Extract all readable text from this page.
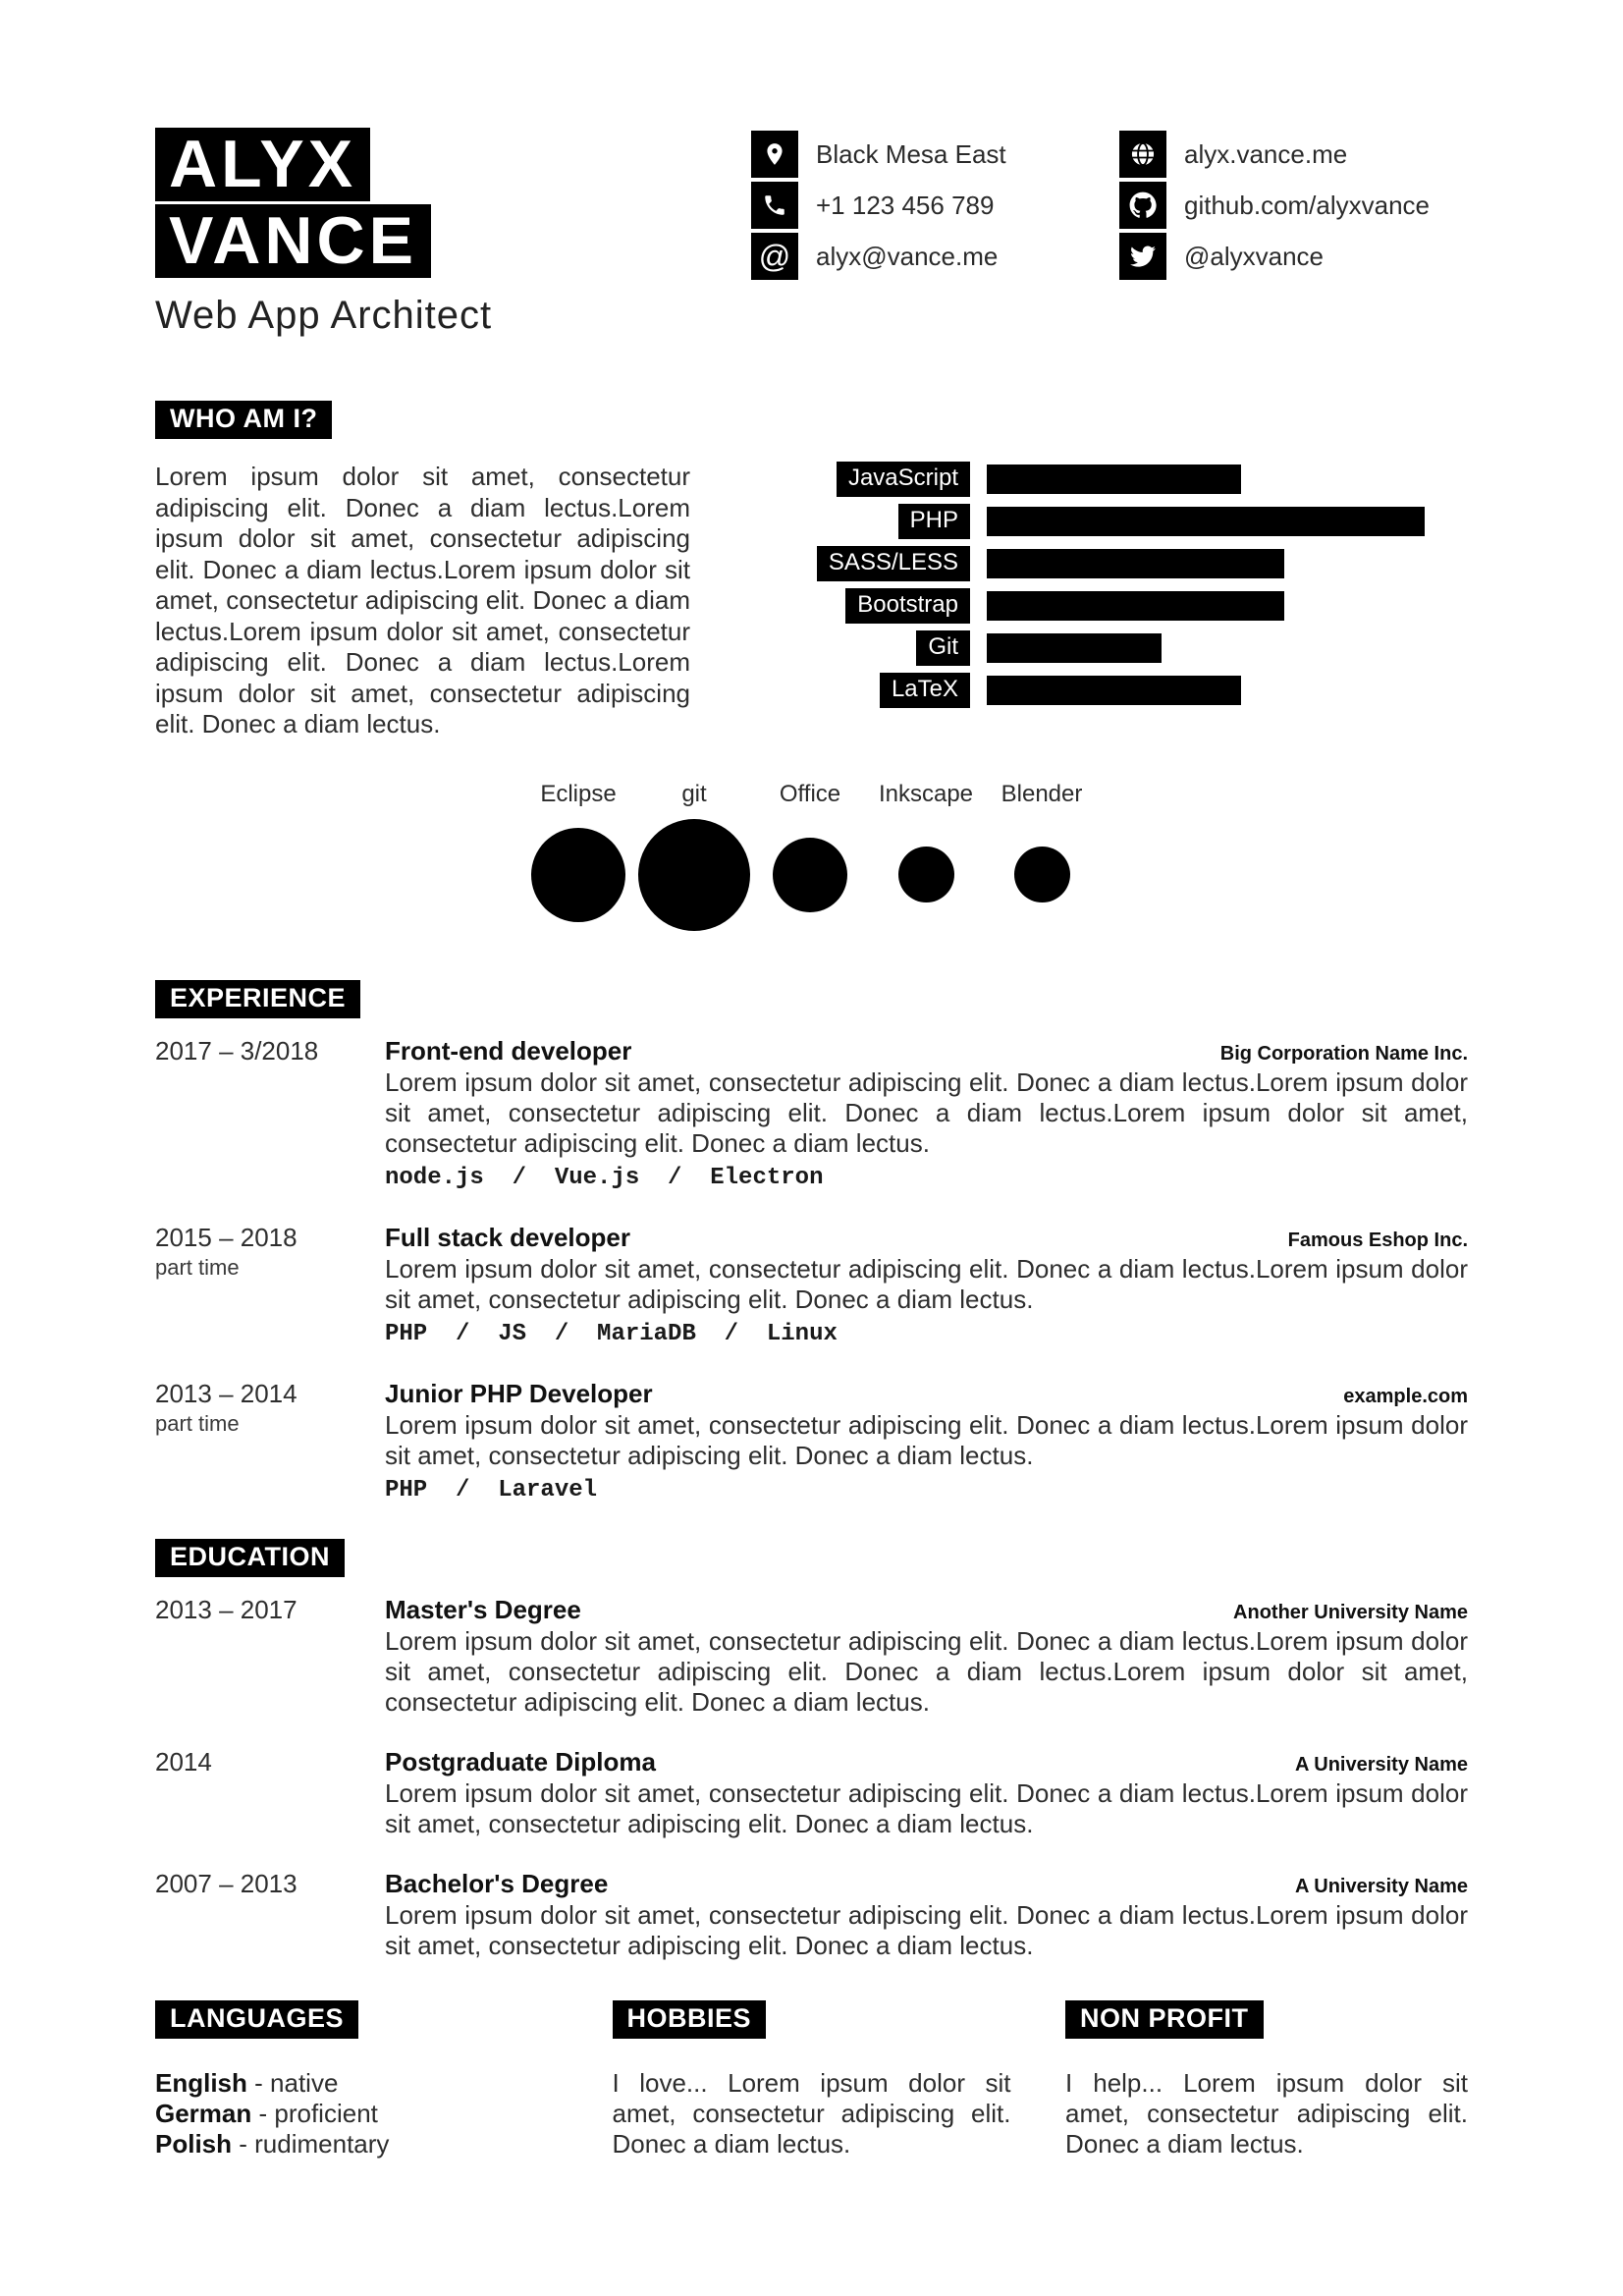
ALYX
VANCE
Web App Architect
Black Mesa East
+1 123 456 789
@ alyx@vance.me
alyx.vance.me
github.com/alyxvance
@alyxvance
WHO AM I?

Lorem ipsum dolor sit amet, consectetur adipiscing elit. Donec a diam lectus.Lorem ipsum dolor sit amet, consectetur adipiscing elit. Donec a diam lectus.Lorem ipsum dolor sit amet, consectetur adipiscing elit. Donec a diam lectus.Lorem ipsum dolor sit amet, consectetur adipiscing elit. Donec a diam lectus.Lorem ipsum dolor sit amet, consectetur adipiscing elit. Donec a diam lectus.

JavaScript
PHP
SASS/LESS
Bootstrap
Git
LaTeX
Eclipse	git	Office Inkscape Blender
EXPERIENCE
2017 – 3/2018	Front-end developer	Big Corporation Name Inc.
Lorem ipsum dolor sit amet, consectetur adipiscing elit. Donec a diam lectus.Lorem ipsum dolor sit amet, consectetur adipiscing elit. Donec a diam lectus.Lorem ipsum dolor sit amet, consectetur adipiscing elit. Donec a diam lectus.
node.js  /  Vue.js  /  Electron
2015 – 2018
part time
Full stack developer	Famous Eshop Inc.
Lorem ipsum dolor sit amet, consectetur adipiscing elit. Donec a diam lectus.Lorem ipsum dolor sit amet, consectetur adipiscing elit. Donec a diam lectus.
PHP  /  JS  /  MariaDB  /  Linux
2013 – 2014
part time
Junior PHP Developer	example.com
Lorem ipsum dolor sit amet, consectetur adipiscing elit. Donec a diam lectus.Lorem ipsum dolor sit amet, consectetur adipiscing elit. Donec a diam lectus.
PHP  /  Laravel
EDUCATION
2013 – 2017	Master's Degree	Another University Name
Lorem ipsum dolor sit amet, consectetur adipiscing elit. Donec a diam lectus.Lorem ipsum dolor sit amet, consectetur adipiscing elit. Donec a diam lectus.Lorem ipsum dolor sit amet, consectetur adipiscing elit. Donec a diam lectus.
2014	Postgraduate Diploma	A University Name
Lorem ipsum dolor sit amet, consectetur adipiscing elit. Donec a diam lectus.Lorem ipsum dolor sit amet, consectetur adipiscing elit. Donec a diam lectus.
2007 – 2013	Bachelor's Degree	A University Name
Lorem ipsum dolor sit amet, consectetur adipiscing elit. Donec a diam lectus.Lorem ipsum dolor sit amet, consectetur adipiscing elit. Donec a diam lectus.
LANGUAGES
English - native
German - proficient
Polish - rudimentary
HOBBIES

I love... Lorem ipsum dolor sit amet, consectetur adipiscing elit. Donec a diam lectus.

NON PROFIT

I help... Lorem ipsum dolor sit amet, consectetur adipiscing elit. Donec a diam lectus.
